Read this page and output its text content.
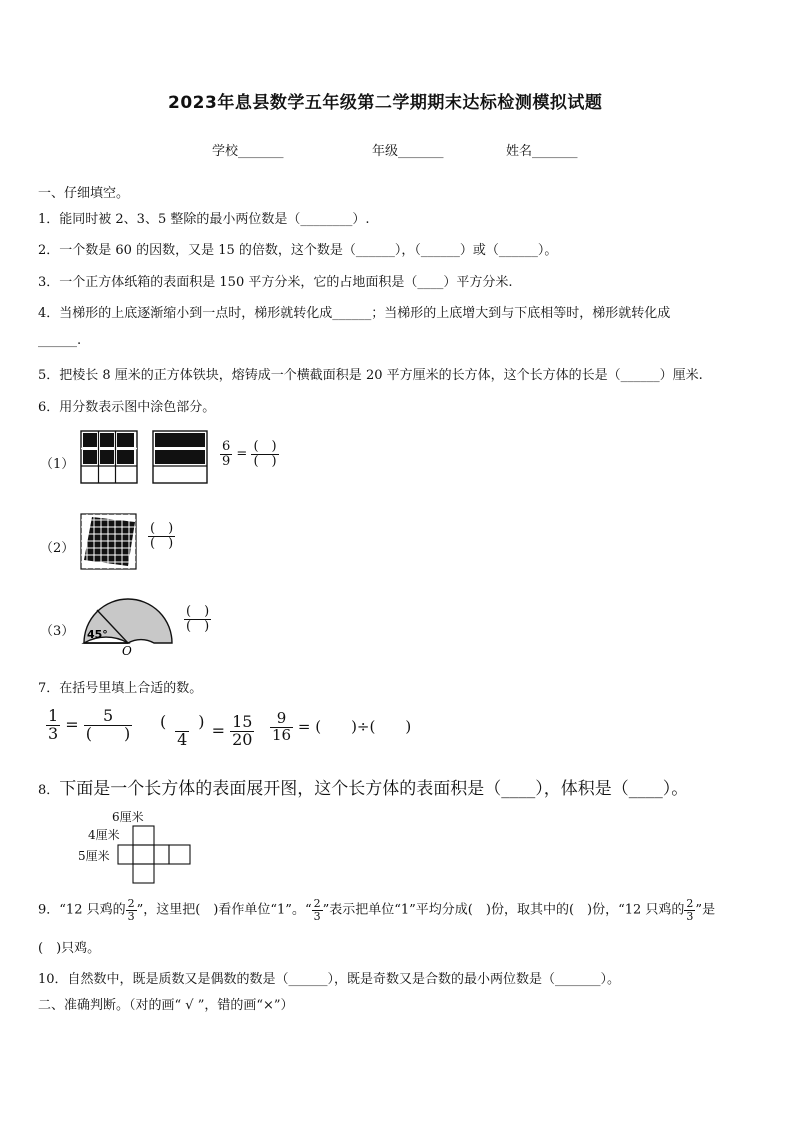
2023年息县数学五年级第二学期期末达标检测模拟试题
学校_______	年级_______	姓名_______
一、仔细填空。
1．能同时被 2、3、5 整除的最小两位数是（________）.
2．一个数是 60 的因数，又是 15 的倍数，这个数是（______），（______）或（______）。
3．一个正方体纸箱的表面积是 150 平方分米，它的占地面积是（____）平方分米.
4．当梯形的上底逐渐缩小到一点时，梯形就转化成______；当梯形的上底增大到与下底相等时，梯形就转化成
______.
5．把棱长 8 厘米的正方体铁块，熔铸成一个横截面积是 20 平方厘米的长方体，这个长方体的长是（______）厘米.
6．用分数表示图中涂色部分。
（1）	$\frac{6}{9} = \frac{( )}{( )}$
（2）	$\frac{( )}{( )}$
（3） 45°
O
$\frac{( )}{( )}$
7．在括号里填上合适的数。
$\frac{1}{3} = \frac{5}{( )} \frac{( )}{4} = \frac{15}{20} \frac{9}{16}$ = (　　)÷(　　)
8．下面是一个长方体的表面展开图，这个长方体的表面积是（____），体积是（____）。
6厘米
4厘米
5厘米
9．“12 只鸡的 $\frac{2}{3}$ ”，这里把(　)看作单位“1”。“ $\frac{2}{3}$ ”表示把单位“1”平均分成(　)份，取其中的(　)份，“12 只鸡的 $\frac{2}{3}$ ”是
(　)只鸡。
10．自然数中，既是质数又是偶数的数是（______），既是奇数又是合数的最小两位数是（_______）。
二、准确判断。（对的画“ √ ”，错的画“×”）
